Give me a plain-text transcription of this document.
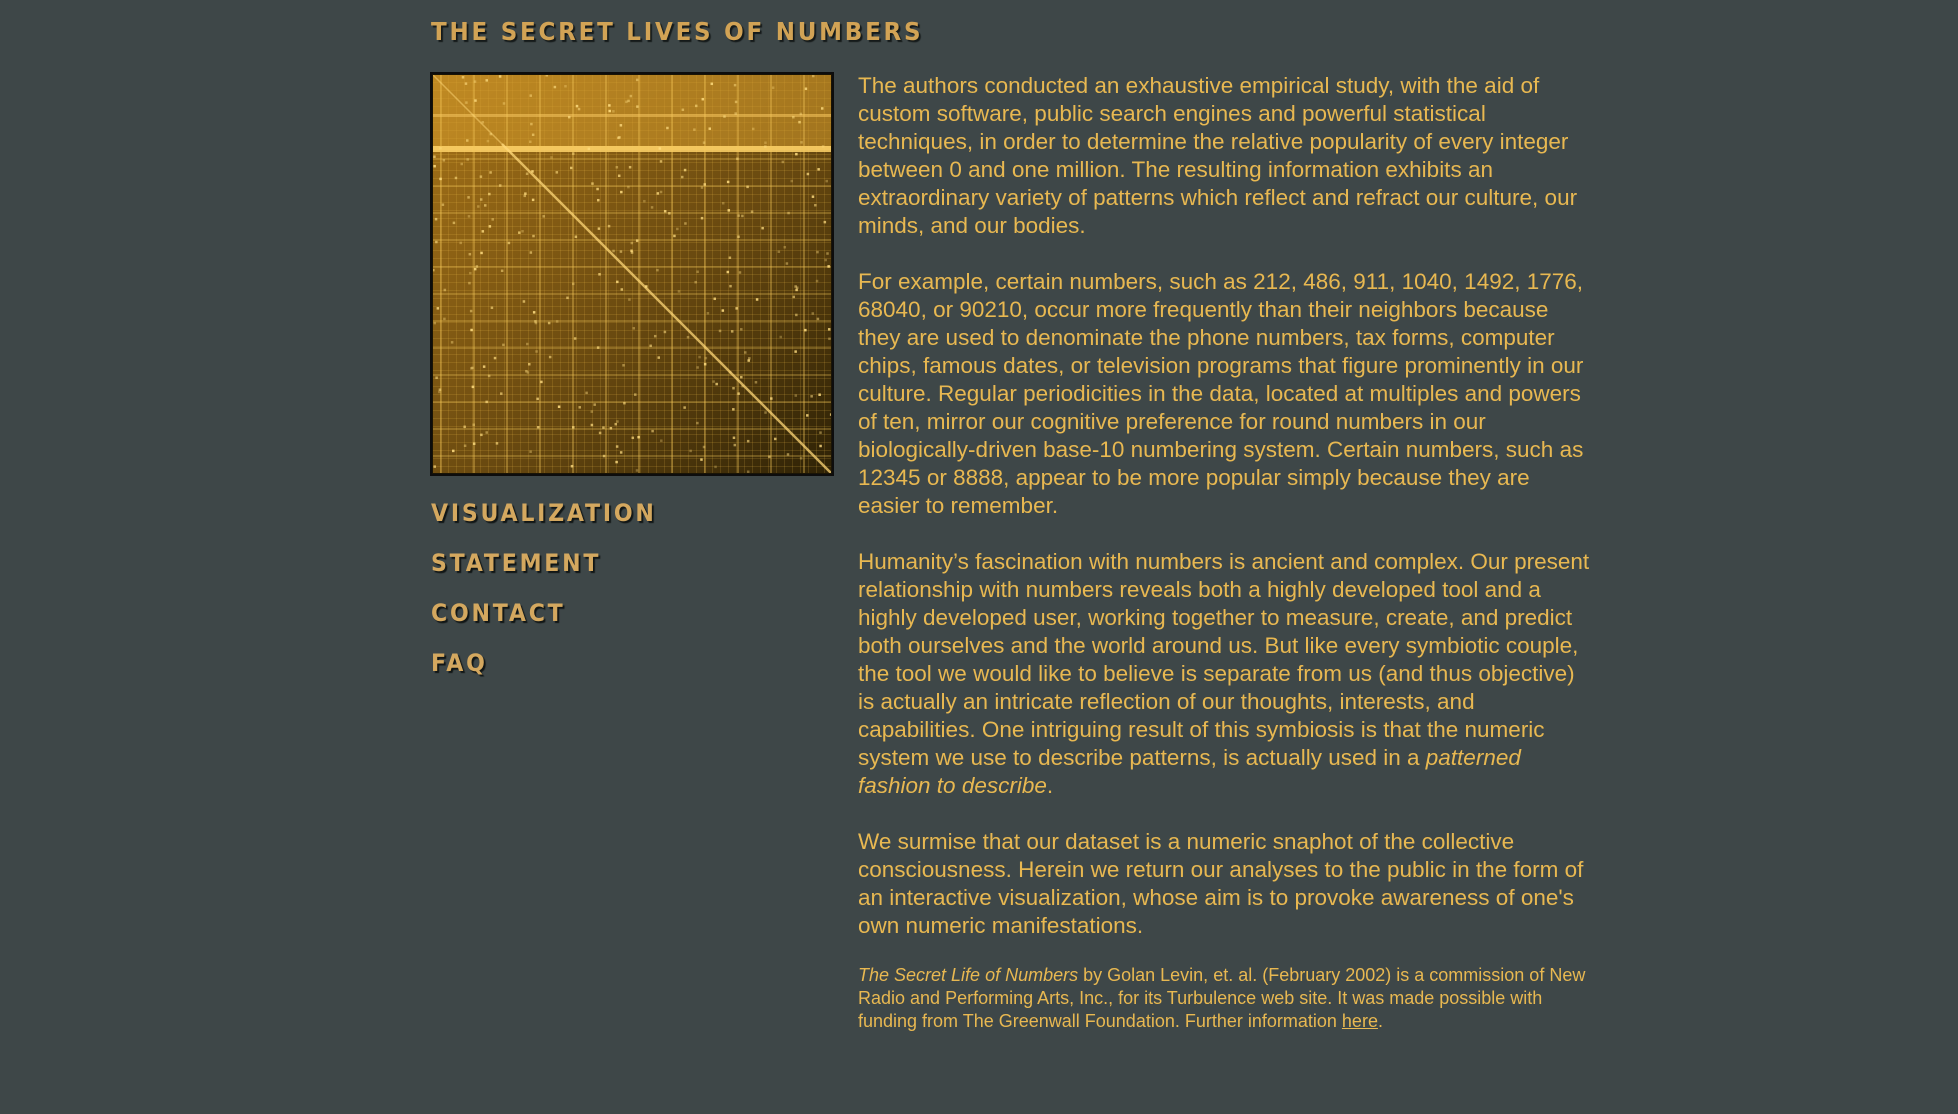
THE SECRET LIVES OF NUMBERS
VISUALIZATION
STATEMENT
CONTACT
FAQ

The authors conducted an exhaustive empirical study, with the aid of custom software, public search engines and powerful statistical techniques, in order to determine the relative popularity of every integer between 0 and one million. The resulting information exhibits an extraordinary variety of patterns which reflect and refract our culture, our minds, and our bodies.

For example, certain numbers, such as 212, 486, 911, 1040, 1492, 1776, 68040, or 90210, occur more frequently than their neighbors because they are used to denominate the phone numbers, tax forms, computer chips, famous dates, or television programs that figure prominently in our culture. Regular periodicities in the data, located at multiples and powers of ten, mirror our cognitive preference for round numbers in our biologically-driven base-10 numbering system. Certain numbers, such as 12345 or 8888, appear to be more popular simply because they are easier to remember.

Humanity’s fascination with numbers is ancient and complex. Our present relationship with numbers reveals both a highly developed tool and a highly developed user, working together to measure, create, and predict both ourselves and the world around us. But like every symbiotic couple, the tool we would like to believe is separate from us (and thus objective) is actually an intricate reflection of our thoughts, interests, and capabilities. One intriguing result of this symbiosis is that the numeric system we use to describe patterns, is actually used in a patterned fashion to describe.

We surmise that our dataset is a numeric snaphot of the collective consciousness. Herein we return our analyses to the public in the form of an interactive visualization, whose aim is to provoke awareness of one's own numeric manifestations.

The Secret Life of Numbers by Golan Levin, et. al. (February 2002) is a commission of New Radio and Performing Arts, Inc., for its Turbulence web site. It was made possible with funding from The Greenwall Foundation. Further information here.
